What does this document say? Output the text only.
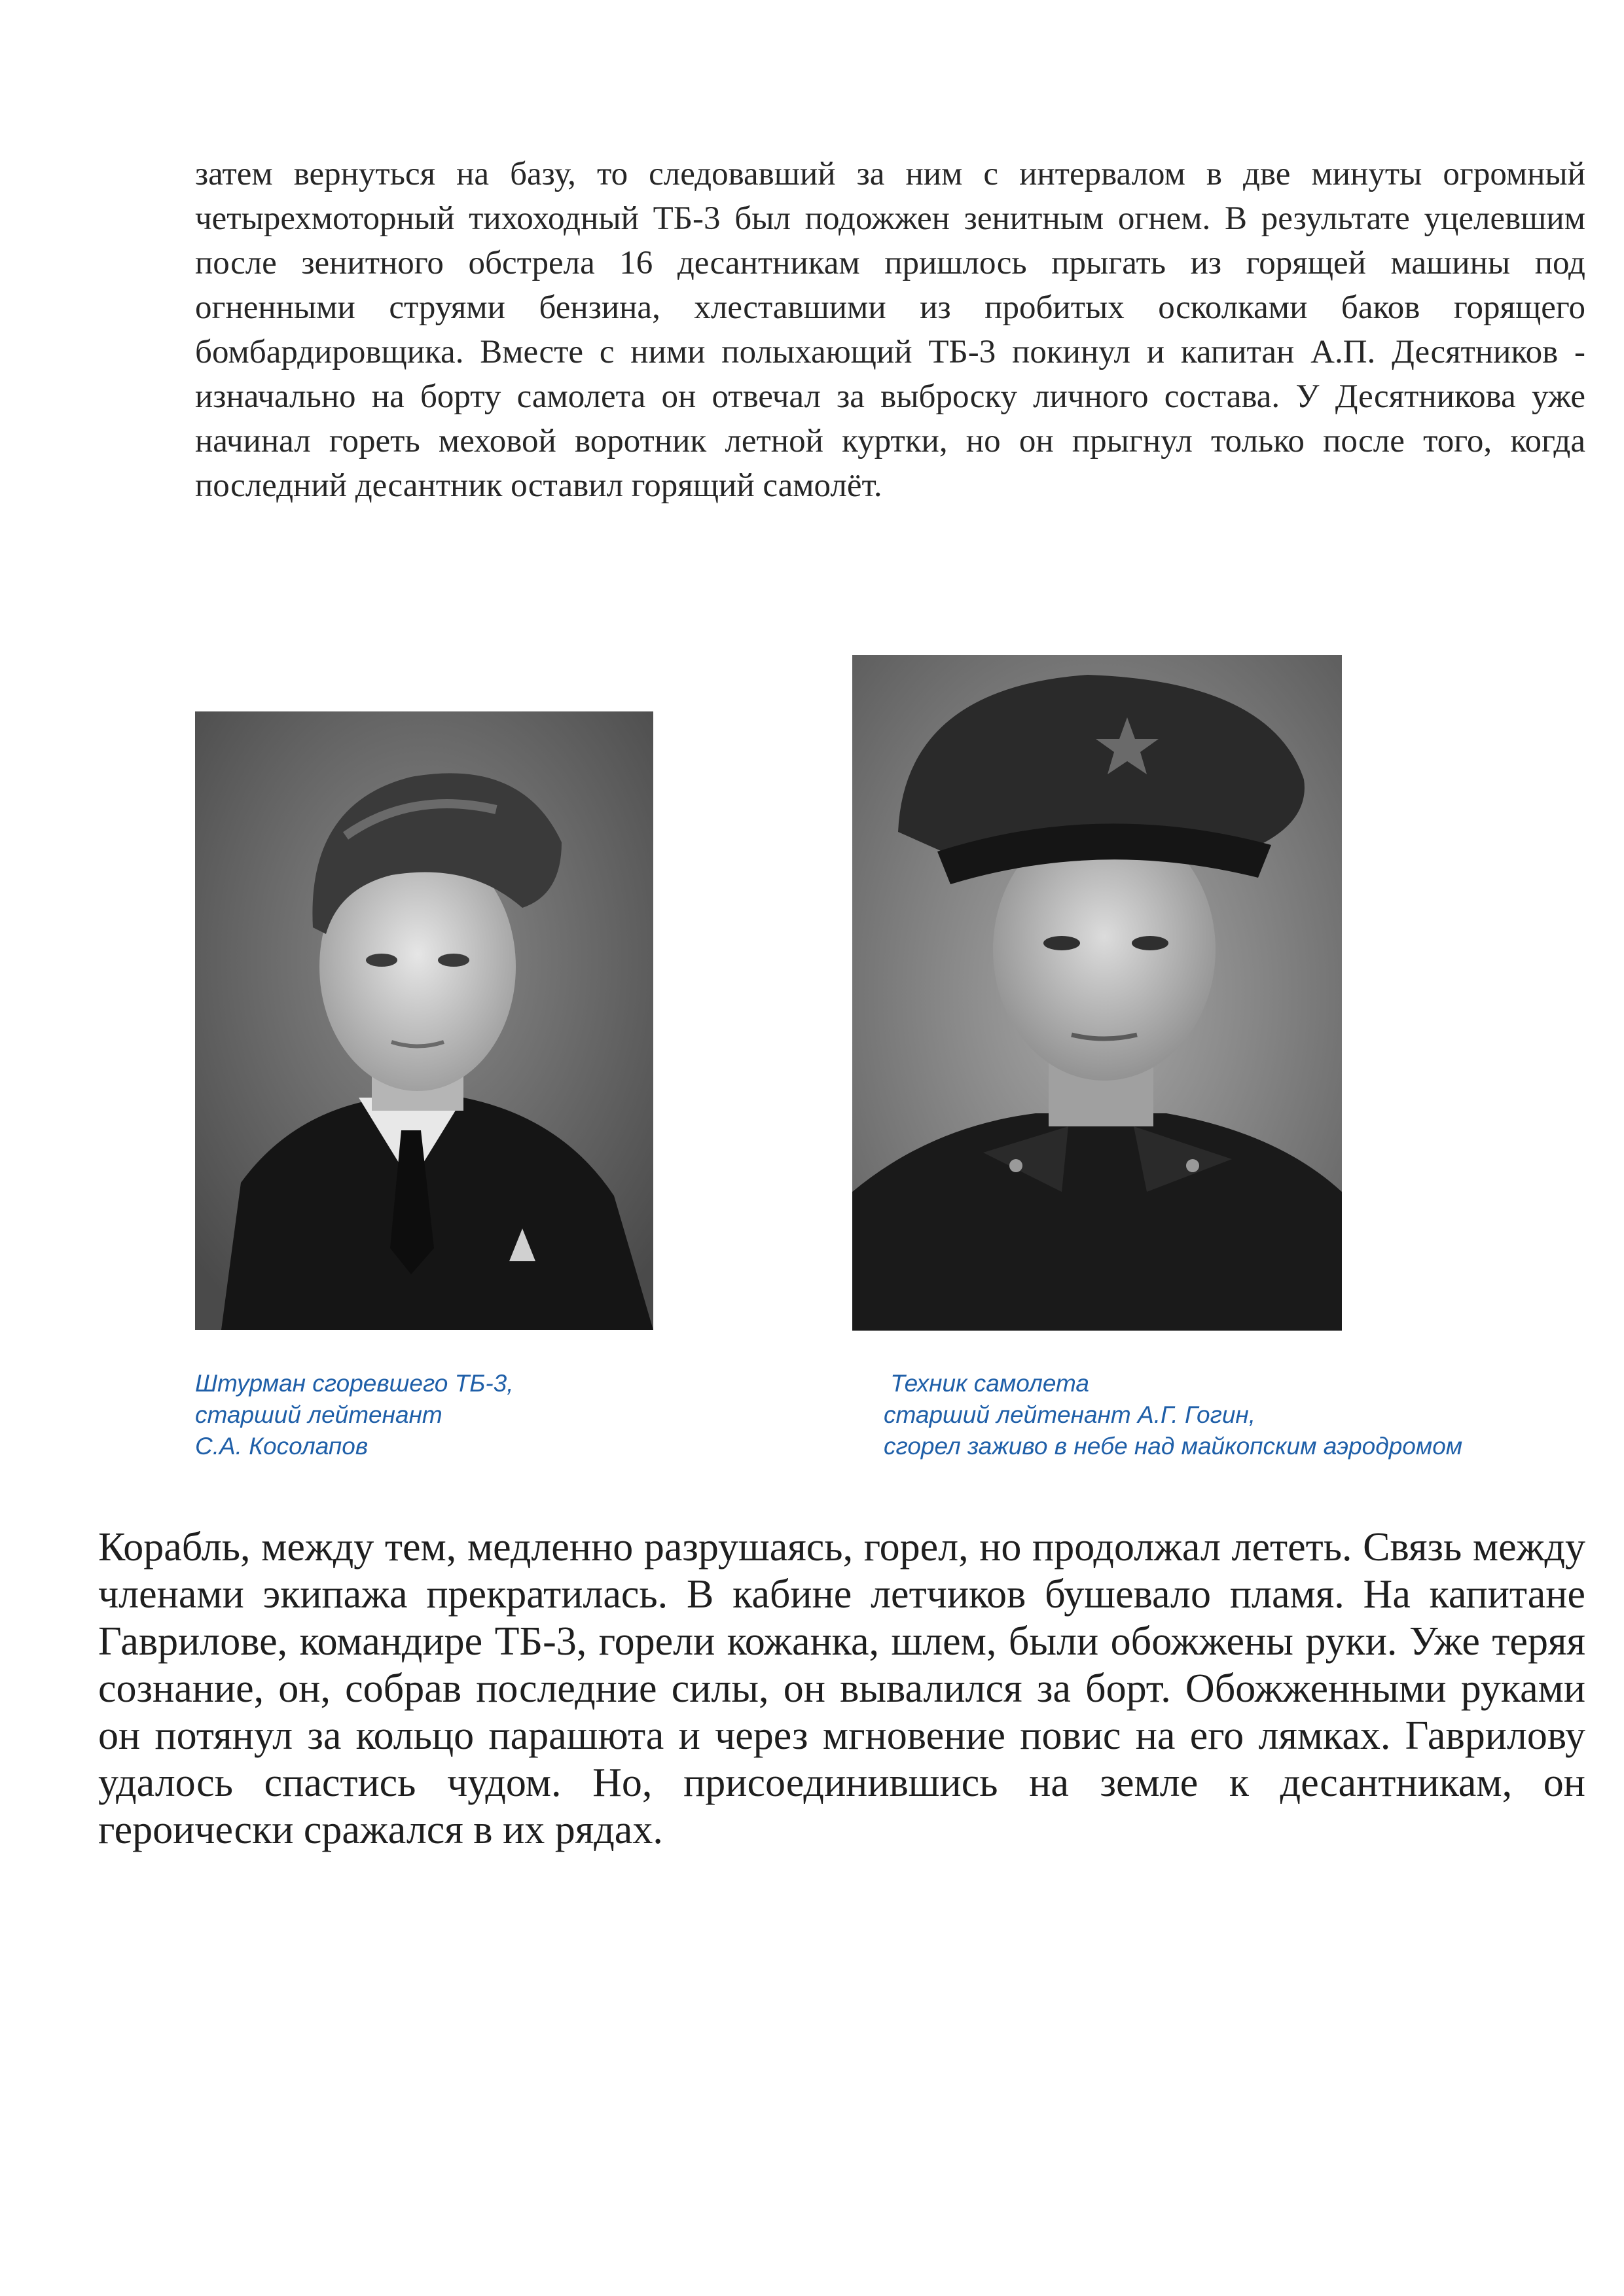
затем вернуться на базу, то следовавший за ним с интервалом в две минуты огромный четырехмоторный тихоходный ТБ-3 был подожжен зенитным огнем. В результате уцелевшим после зенитного обстрела 16 десантникам пришлось прыгать из горящей машины под огненными струями бензина, хлеставшими из пробитых осколками баков горящего бомбардировщика. Вместе с ними полыхающий ТБ-3 покинул и капитан А.П. Десятников - изначально на борту самолета он отвечал за выброску личного состава. У Десятникова уже начинал гореть меховой воротник летной куртки, но он прыгнул только после того, когда последний десантник оставил горящий самолёт.

Штурман сгоревшего ТБ-3,
старший лейтенант
С.А. Косолапов
Техник самолета
старший лейтенант А.Г. Гогин,
сгорел заживо в небе над майкопским аэродромом

Корабль, между тем, медленно разрушаясь, горел, но продолжал лететь. Связь между членами экипажа прекратилась. В кабине летчиков бушевало пламя. На капитане Гаврилове, командире ТБ-3, горели кожанка, шлем, были обожжены руки. Уже теряя сознание, он, собрав последние силы, он вывалился за борт. Обожженными руками он потянул за кольцо парашюта и через мгновение повис на его лямках. Гаврилову удалось спастись чудом. Но, присоединившись на земле к десантникам, он героически сражался в их рядах.
